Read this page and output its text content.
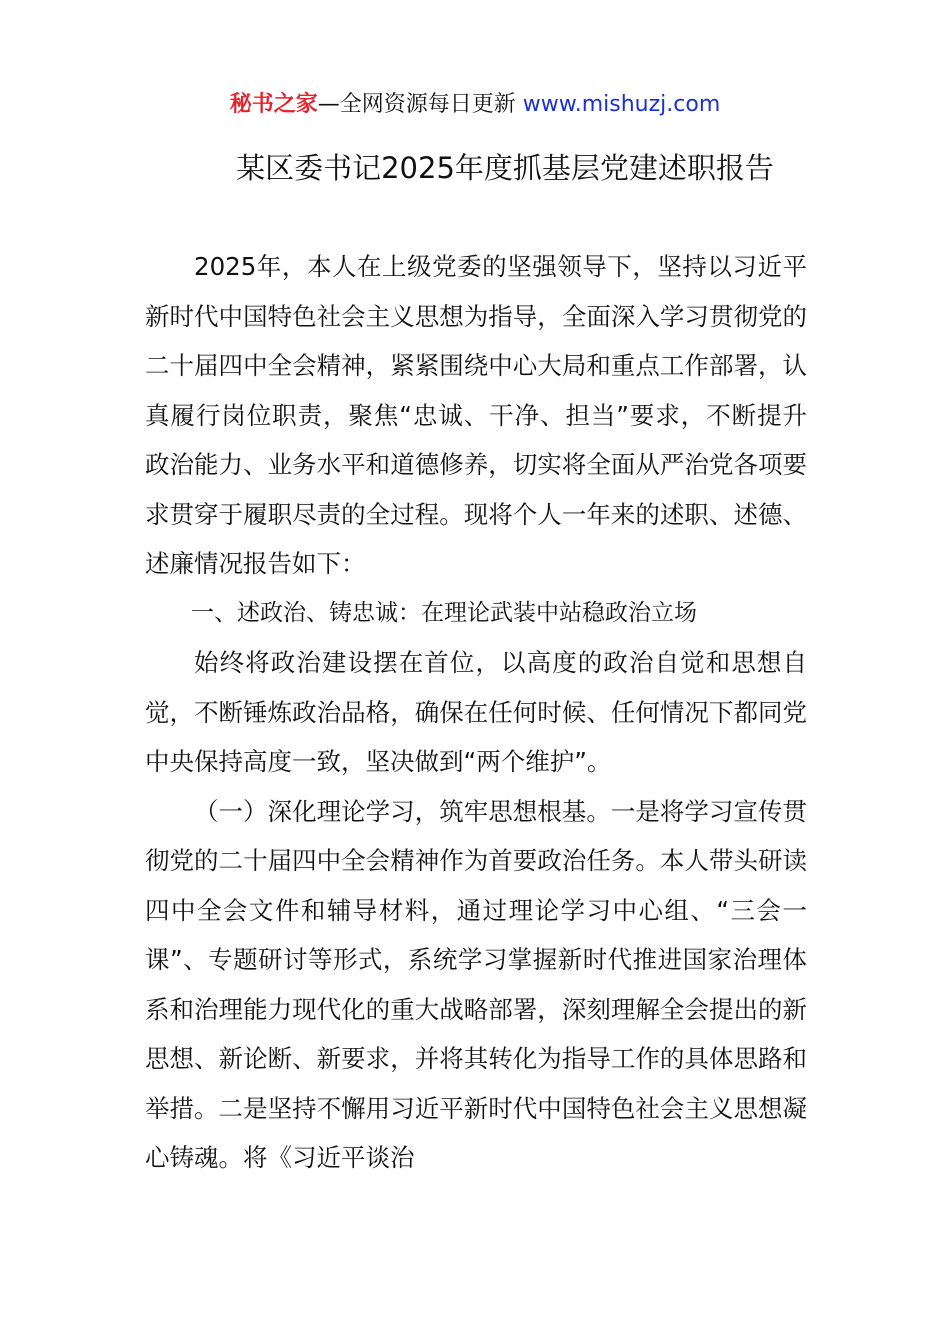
秘书之家—全网资源每日更新 www.mishuzj.com
某区委书记2025年度抓基层党建述职报告

2025年，本人在上级党委的坚强领导下，坚持以习近平新时代中国特色社会主义思想为指导，全面深入学习贯彻党的二十届四中全会精神，紧紧围绕中心大局和重点工作部署，认真履行岗位职责，聚焦“忠诚、干净、担当”要求，不断提升政治能力、业务水平和道德修养，切实将全面从严治党各项要求贯穿于履职尽责的全过程。现将个人一年来的述职、述德、述廉情况报告如下：

一、述政治、铸忠诚：在理论武装中站稳政治立场

始终将政治建设摆在首位，以高度的政治自觉和思想自觉，不断锤炼政治品格，确保在任何时候、任何情况下都同党中央保持高度一致，坚决做到“两个维护”。

（一）深化理论学习，筑牢思想根基。一是将学习宣传贯彻党的二十届四中全会精神作为首要政治任务。本人带头研读四中全会文件和辅导材料，通过理论学习中心组、“三会一课”、专题研讨等形式，系统学习掌握新时代推进国家治理体系和治理能力现代化的重大战略部署，深刻理解全会提出的新思想、新论断、新要求，并将其转化为指导工作的具体思路和举措。二是坚持不懈用习近平新时代中国特色社会主义思想凝心铸魂。将《习近平谈治
